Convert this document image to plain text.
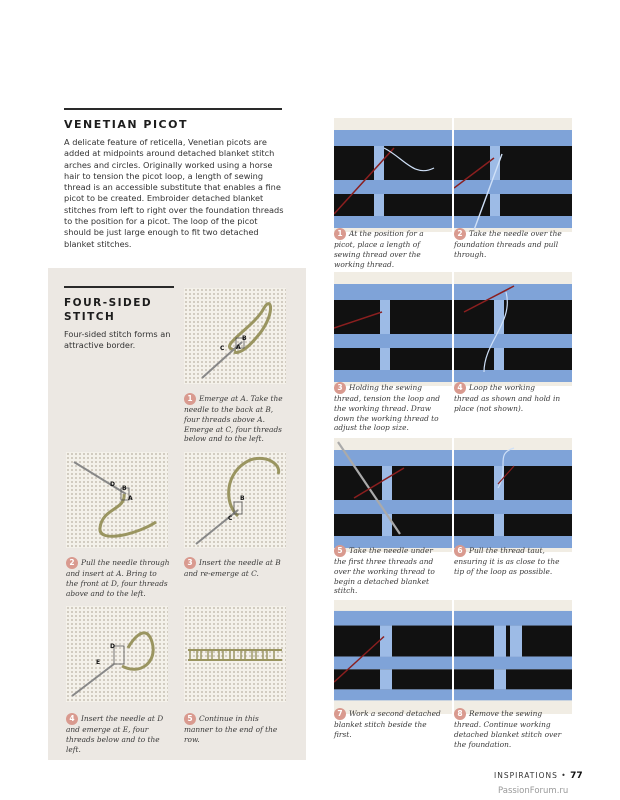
VENETIAN PICOT

A delicate feature of reticella, Venetian picots are added at midpoints around detached blanket stitch arches and circles. Originally worked using a horse hair to tension the picot loop, a length of sewing thread is an accessible substitute that enables a fine picot to be created. Embroider detached blanket stitches from left to right over the foundation threads to the position for a picot. The loop of the picot should be just large enough to fit two detached blanket stitches.

FOUR-SIDED
STITCH

Four-sided stitch forms an attractive border.	A
B
C
1 Emerge at A. Take the needle to the back at B, four threads above A. Emerge at C, four threads below and to the left.
D
B
A
2 Pull the needle through and insert at A. Bring to the front at D, four threads above and to the left.
B
C
3 Insert the needle at B and re-emerge at C.
D
E
4 Insert the needle at D and emerge at E, four threads below and to the left.
5 Continue in this manner to the end of the row.
1 At the position for a picot, place a length of sewing thread over the working thread.
2 Take the needle over the foundation threads and pull through.
3 Holding the sewing thread, tension the loop and the working thread. Draw down the working thread to adjust the loop size.
4 Loop the working thread as shown and hold in place (not shown).
5 Take the needle under the first three threads and over the working thread to begin a detached blanket stitch.
6 Pull the thread taut, ensuring it is as close to the tip of the loop as possible.
7 Work a second detached blanket stitch beside the first.
8 Remove the sewing thread. Continue working detached blanket stitch over the foundation.
INSPIRATIONS • 77
PassionForum.ru
